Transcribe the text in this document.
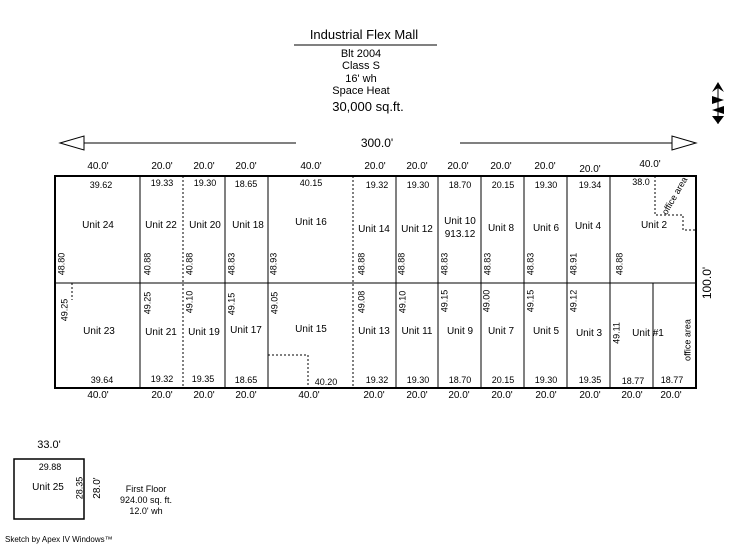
Industrial Flex Mall
Blt 2004
Class S
16' wh
Space Heat
30,000 sq.ft.
300.0'
100.0'
40.0'	20.0' 20.0' 20.0'	40.0'	20.0' 20.0' 20.0' 20.0' 20.0' 20.0'	40.0'
40.0'	20.0' 20.0' 20.0'	40.0'	20.0' 20.0' 20.0' 20.0' 20.0' 20.0' 20.0' 20.0'
39.62	19.33 19.30 18.65	40.15	19.32 19.30 18.70 20.15 19.30 19.34	38.0
39.64	19.32 19.35 18.65	40.20	19.32 19.30 18.70 20.15 19.30 19.35 18.77 18.77
Unit 24	Unit 22 Unit 20 Unit 18	Unit 16
Unit 14 Unit 12
Unit 10
913.12
Unit 8 Unit 6 Unit 4	Unit 2
Unit 23	Unit 21 Unit 19 Unit 17	Unit 15	Unit 13 Unit 11 Unit 9 Unit 7 Unit 5 Unit 3	Unit #1
48.80	40.88	40.88	48.83	48.93	48.88	48.88	48.83	48.83	48.83	48.91	48.88
49.25	49.25	49.10	49.15	49.05	49.08	49.10	49.15	49.00	49.15	49.12
49.11
office area
office area
33.0'
29.88
Unit 25 28.35 28.0'	First Floor
924.00 sq. ft.
12.0' wh
Sketch by Apex IV Windows™
